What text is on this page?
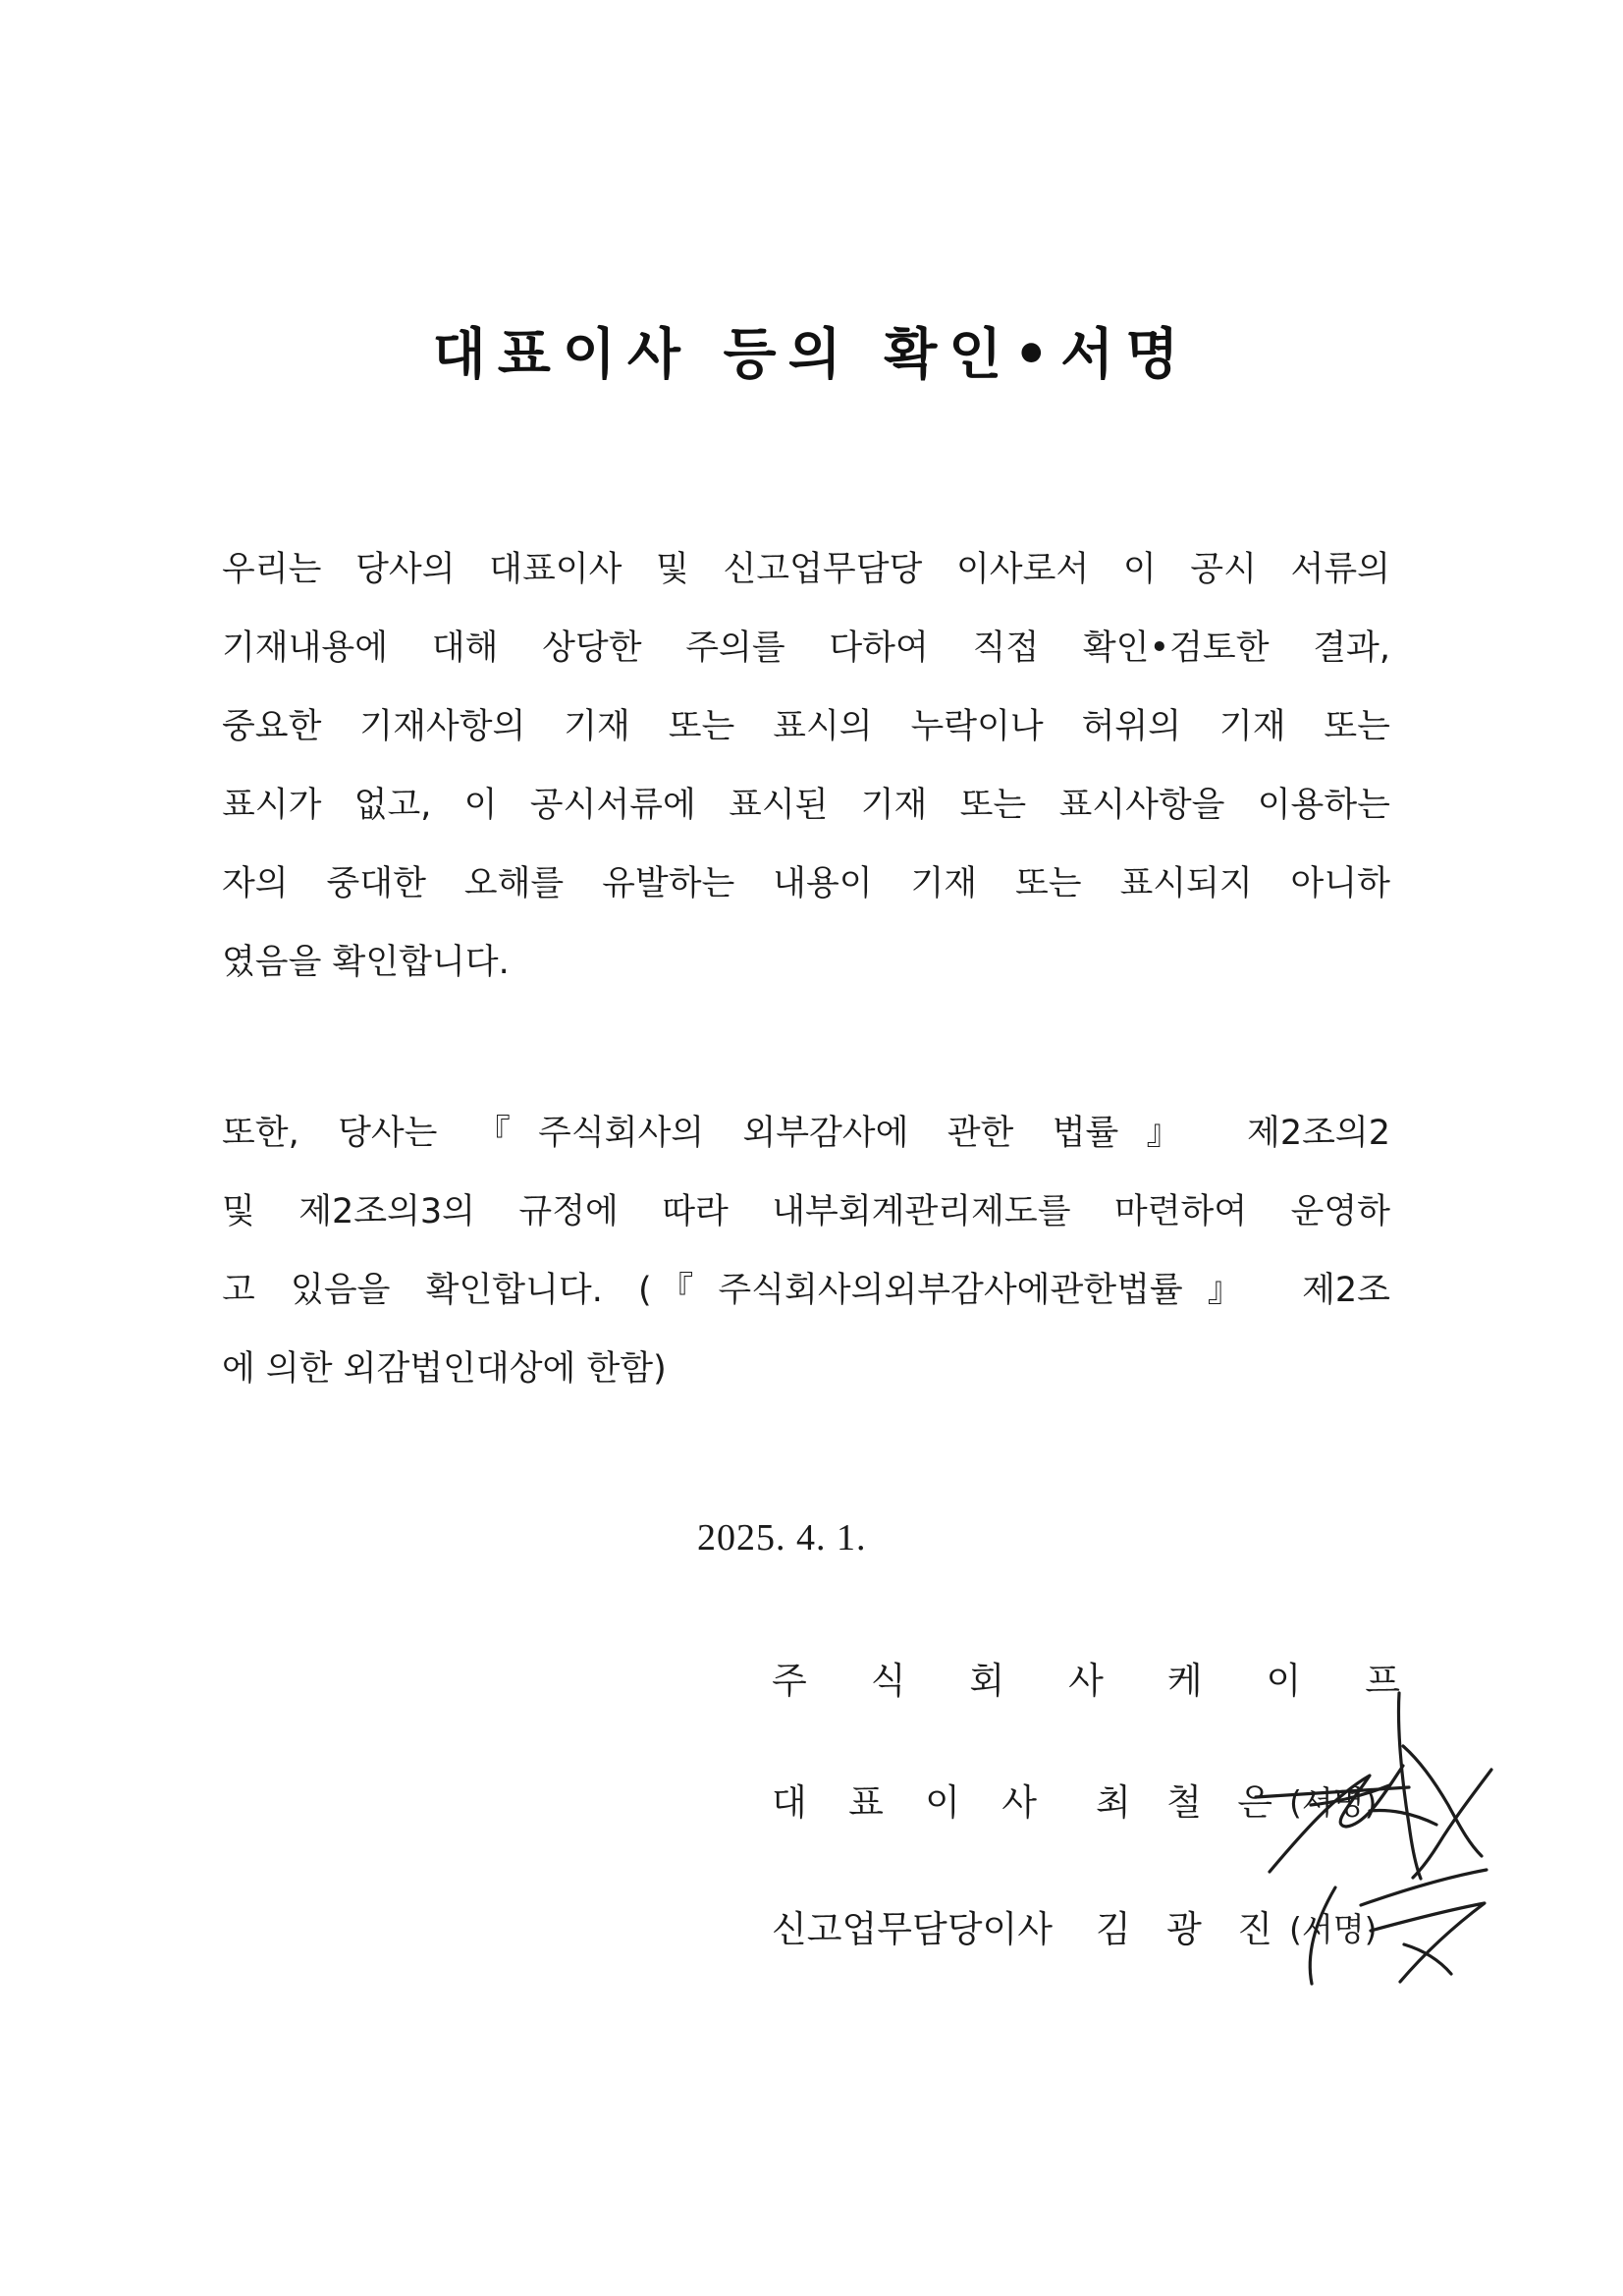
대표이사 등의 확인•서명
우리는 당사의 대표이사 및 신고업무담당 이사로서 이 공시 서류의
기재내용에 대해 상당한 주의를 다하여 직접 확인•검토한 결과,
중요한 기재사항의 기재 또는 표시의 누락이나 허위의 기재 또는
표시가 없고, 이 공시서류에 표시된 기재 또는 표시사항을 이용하는
자의 중대한 오해를 유발하는 내용이 기재 또는 표시되지 아니하
였음을 확인합니다.
또한, 당사는 『주식회사의 외부감사에 관한 법률』 제2조의2
및 제2조의3의 규정에 따라 내부회계관리제도를 마련하여 운영하
고 있음을 확인합니다. (『주식회사의외부감사에관한법률』 제2조
에 의한 외감법인대상에 한함)
2025. 4. 1.
주 식 회 사 케 이 프
대 표 이 사 최 철 은 (서명)
신고업무담당이사 김 광 진 (서명)
